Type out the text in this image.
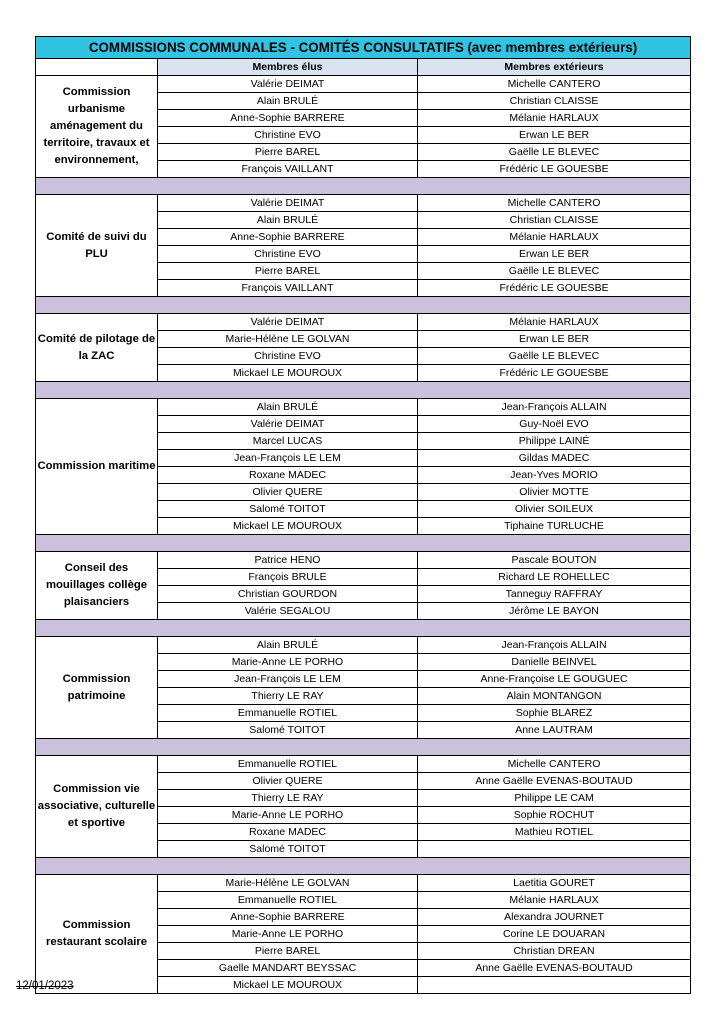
COMMISSIONS COMMUNALES - COMITÉS CONSULTATIFS (avec membres extérieurs)		
	Membres élus	Membres extérieurs
Commission urbanisme aménagement du territoire, travaux et environnement,	Valérie DEIMAT	Michelle CANTERO
	Alain BRULÉ	Christian CLAISSE
	Anne-Sophie BARRERE	Mélanie HARLAUX
	Christine EVO	Erwan LE BER
	Pierre BAREL	Gaëlle LE BLEVEC
	François VAILLANT	Frédéric LE GOUESBE

Comité de suivi du PLU	Valérie DEIMAT	Michelle CANTERO
	Alain BRULÉ	Christian CLAISSE
	Anne-Sophie BARRERE	Mélanie HARLAUX
	Christine EVO	Erwan LE BER
	Pierre BAREL	Gaëlle LE BLEVEC
	François VAILLANT	Frédéric LE GOUESBE

Comité de pilotage de la ZAC	Valérie DEIMAT	Mélanie HARLAUX
	Marie-Hélène LE GOLVAN	Erwan LE BER
	Christine EVO	Gaëlle LE BLEVEC
	Mickael LE MOUROUX	Frédéric LE GOUESBE

Commission maritime	Alain BRULÉ	Jean-François ALLAIN
	Valérie DEIMAT	Guy-Noël EVO
	Marcel LUCAS	Philippe LAINÉ
	Jean-François LE LEM	Gildas MADEC
	Roxane MADEC	Jean-Yves MORIO
	Olivier QUERE	Olivier MOTTE
	Salomé TOITOT	Olivier SOILEUX
	Mickael LE MOUROUX	Tiphaine TURLUCHE

Conseil des mouillages collège plaisanciers	Patrice HENO	Pascale BOUTON
	François BRULE	Richard LE ROHELLEC
	Christian GOURDON	Tanneguy RAFFRAY
	Valérie SEGALOU	Jérôme LE BAYON

Commission patrimoine	Alain BRULÉ	Jean-François ALLAIN
	Marie-Anne LE PORHO	Danielle BEINVEL
	Jean-François LE LEM	Anne-Françoise LE GOUGUEC
	Thierry LE RAY	Alain MONTANGON
	Emmanuelle ROTIEL	Sophie BLAREZ
	Salomé TOITOT	Anne LAUTRAM

Commission vie associative, culturelle et sportive	Emmanuelle ROTIEL	Michelle CANTERO
	Olivier QUERE	Anne Gaëlle EVENAS-BOUTAUD
	Thierry LE RAY	Philippe LE CAM
	Marie-Anne LE PORHO	Sophie ROCHUT
	Roxane MADEC	Mathieu ROTIEL
	Salomé TOITOT	

Commission restaurant scolaire	Marie-Hélène LE GOLVAN	Laetitia GOURET
	Emmanuelle ROTIEL	Mélanie HARLAUX
	Anne-Sophie BARRERE	Alexandra JOURNET
	Marie-Anne LE PORHO	Corine LE DOUARAN
	Pierre BAREL	Christian DREAN
	Gaelle MANDART BEYSSAC	Anne Gaëlle EVENAS-BOUTAUD
	Mickael LE MOUROUX	
12/01/2023
